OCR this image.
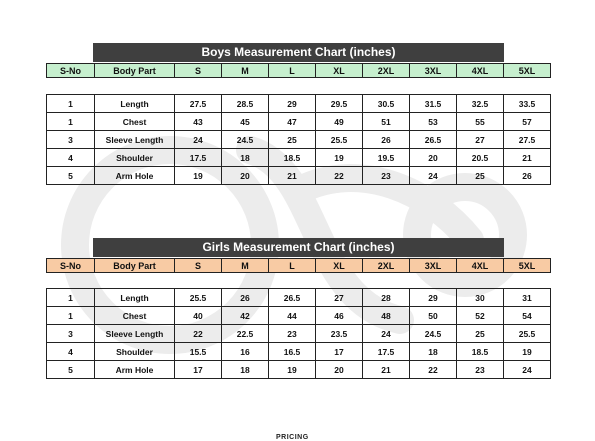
Boys Measurement Chart (inches)
S-No	Body Part	S	M	L	XL	2XL	3XL	4XL	5XL
1	Length	27.5	28.5	29	29.5	30.5	31.5	32.5	33.5
1	Chest	43	45	47	49	51	53	55	57
3	Sleeve Length	24	24.5	25	25.5	26	26.5	27	27.5
4	Shoulder	17.5	18	18.5	19	19.5	20	20.5	21
5	Arm Hole	19	20	21	22	23	24	25	26
Girls Measurement Chart (inches)
S-No	Body Part	S	M	L	XL	2XL	3XL	4XL	5XL
1	Length	25.5	26	26.5	27	28	29	30	31
1	Chest	40	42	44	46	48	50	52	54
3	Sleeve Length	22	22.5	23	23.5	24	24.5	25	25.5
4	Shoulder	15.5	16	16.5	17	17.5	18	18.5	19
5	Arm Hole	17	18	19	20	21	22	23	24
PRICING
